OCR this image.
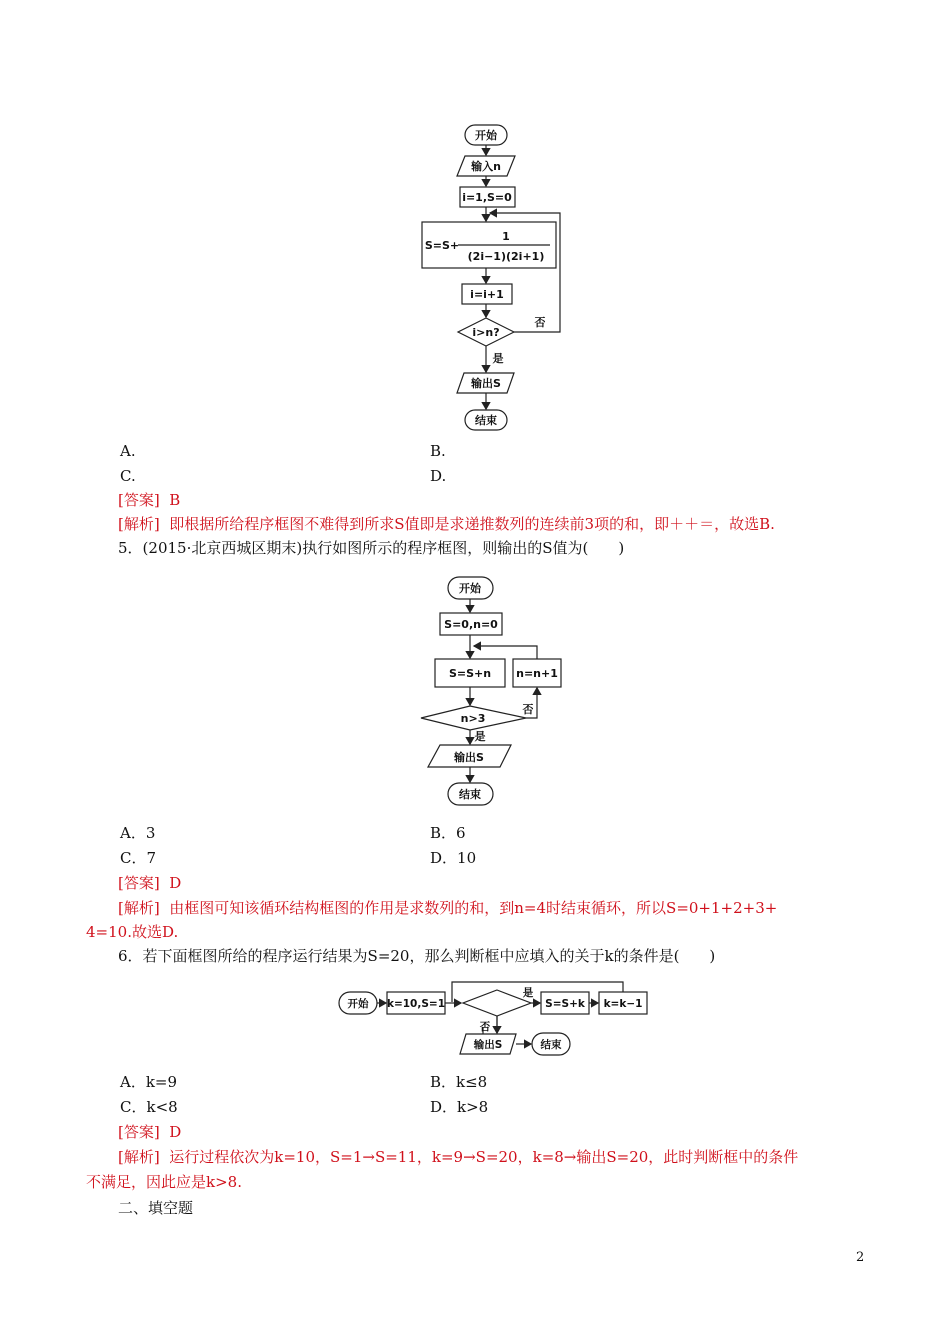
开始
输入n
i=1,S=0
S=S+
1
(2i−1)(2i+1)
i=i+1
i>n?
否
是
输出S
结束
A.	B.
C.	D.
[答案] B
[解析] 即根据所给程序框图不难得到所求S值即是求递推数列的连续前3项的和，即＋＋＝，故选B.
5．(2015·北京西城区期末)执行如图所示的程序框图，则输出的S值为(　　)
开始
S=0,n=0
S=S+n n=n+1
n>3
否
是
输出S
结束
A．3	B．6
C．7	D．10
[答案] D
[解析] 由框图可知该循环结构框图的作用是求数列的和，到n=4时结束循环，所以S=0+1+2+3+
4=10.故选D.
6．若下面框图所给的程序运行结果为S=20，那么判断框中应填入的关于k的条件是(　　)
开始 k=10,S=1
是
否
S=S+k k=k−1
输出S	结束
A．k=9	B．k≤8
C．k<8	D．k>8
[答案] D
[解析] 运行过程依次为k=10，S=1→S=11，k=9→S=20，k=8→输出S=20，此时判断框中的条件
不满足，因此应是k>8.
二、填空题
2
